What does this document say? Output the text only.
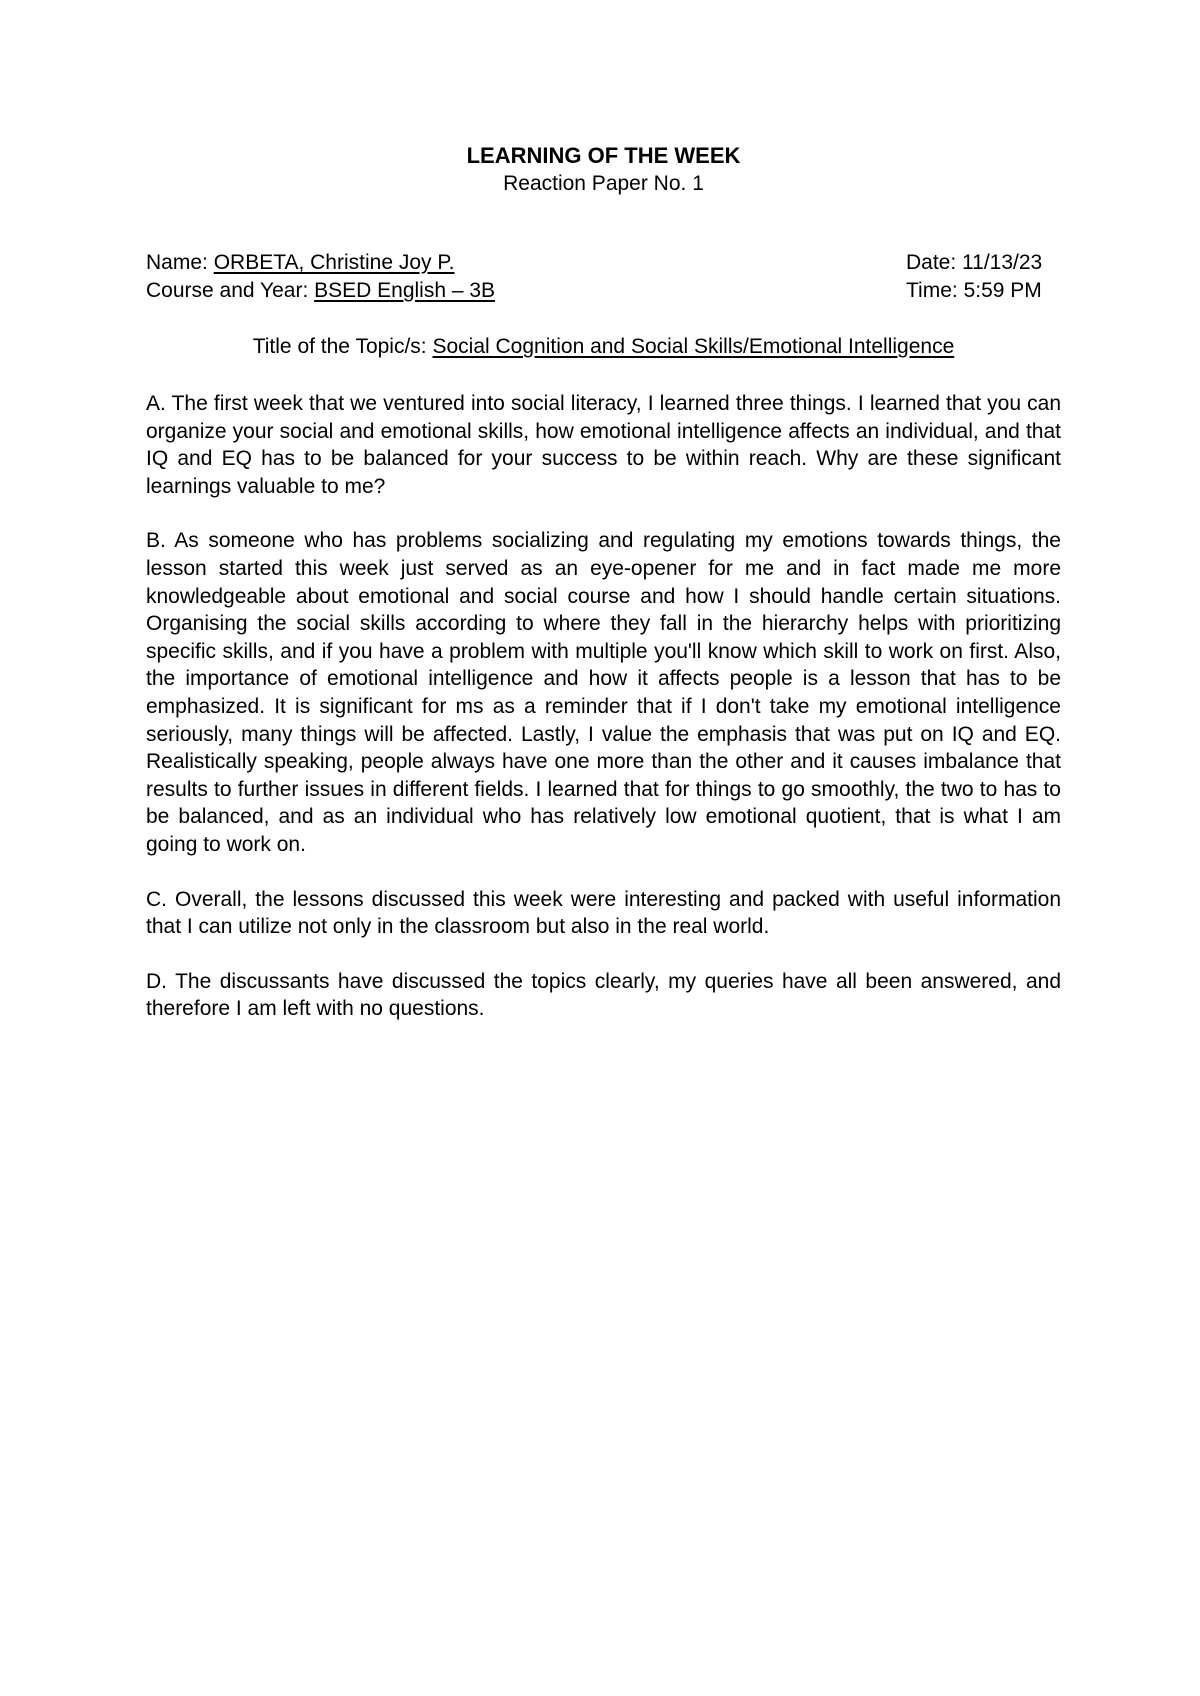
LEARNING OF THE WEEK

Reaction Paper No. 1

Name: ORBETA, Christine Joy P.	Date: 11/13/23
Course and Year: BSED English – 3B	Time: 5:59 PM

Title of the Topic/s: Social Cognition and Social Skills/Emotional Intelligence

A. The first week that we ventured into social literacy, I learned three things. I learned that you can organize your social and emotional skills, how emotional intelligence affects an individual, and that IQ and EQ has to be balanced for your success to be within reach. Why are these significant learnings valuable to me?

B. As someone who has problems socializing and regulating my emotions towards things, the lesson started this week just served as an eye-opener for me and in fact made me more knowledgeable about emotional and social course and how I should handle certain situations. Organising the social skills according to where they fall in the hierarchy helps with prioritizing specific skills, and if you have a problem with multiple you'll know which skill to work on first. Also, the importance of emotional intelligence and how it affects people is a lesson that has to be emphasized. It is significant for ms as a reminder that if I don't take my emotional intelligence seriously, many things will be affected. Lastly, I value the emphasis that was put on IQ and EQ. Realistically speaking, people always have one more than the other and it causes imbalance that results to further issues in different fields. I learned that for things to go smoothly, the two to has to be balanced, and as an individual who has relatively low emotional quotient, that is what I am going to work on.

C. Overall, the lessons discussed this week were interesting and packed with useful information that I can utilize not only in the classroom but also in the real world.

D. The discussants have discussed the topics clearly, my queries have all been answered, and therefore I am left with no questions.
